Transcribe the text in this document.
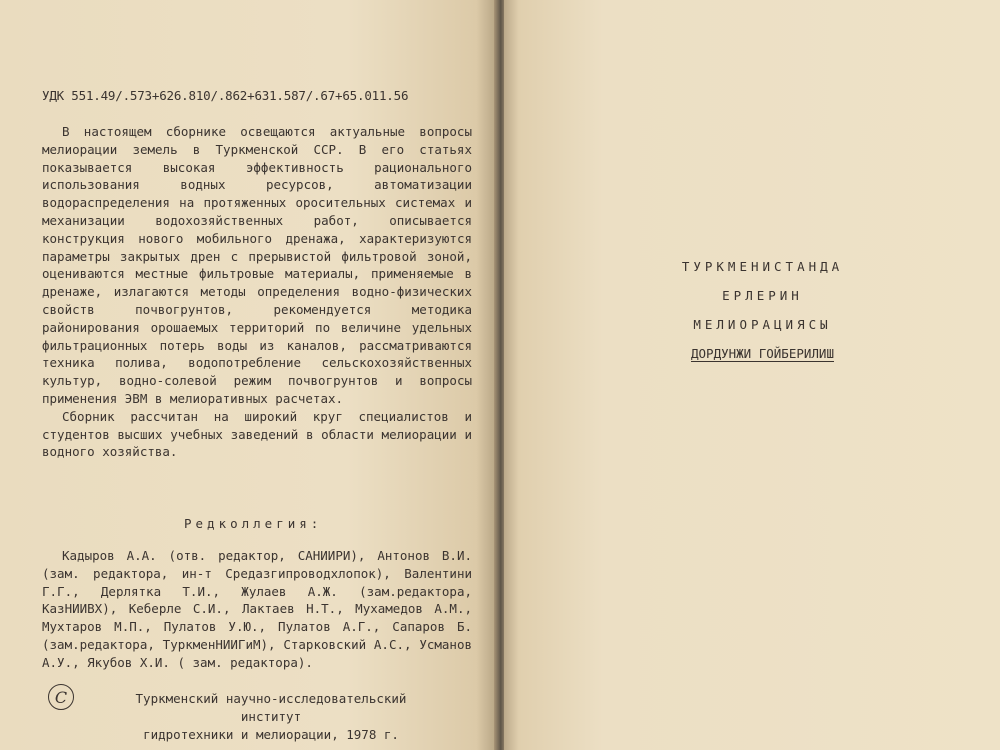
УДК 551.49/.573+626.810/.862+631.587/.67+65.011.56

В настоящем сборнике освещаются актуальные вопросы мелиорации земель в Туркменской ССР. В его статьях показывается высокая эффективность рационального использования водных ресурсов, автоматизации водораспределения на протяженных оросительных системах и механизации водохозяйственных работ, описывается конструкция нового мобильного дренажа, характеризуются параметры закрытых дрен с прерывистой фильтровой зоной, оцениваются местные фильтровые материалы, применяемые в дренаже, излагаются методы определения водно-физических свойств почвогрунтов, рекомендуется методика районирования орошаемых территорий по величине удельных фильтрационных потерь воды из каналов, рассматриваются техника полива, водопотребление сельскохозяйственных культур, водно-солевой режим почвогрунтов и вопросы применения ЭВМ в мелиоративных расчетах.

Сборник рассчитан на широкий круг специалистов и студентов высших учебных заведений в области мелиорации и водного хозяйства.

Редколлегия:

Кадыров А.А. (отв. редактор, САНИИРИ), Антонов В.И. (зам. редактора, ин-т Средазгипроводхлопок), Валентини Г.Г., Дерлятка Т.И., Жулаев А.Ж. (зам.редактора, КазНИИВХ), Кеберле С.И., Лактаев Н.Т., Мухамедов А.М., Мухтаров М.П., Пулатов У.Ю., Пулатов А.Г., Сапаров Б. (зам.редактора, ТуркменНИИГиМ), Старковский А.С., Усманов А.У., Якубов Х.И. ( зам. редактора).

С	Туркменский научно-исследовательский институт
гидротехники и мелиорации, 1978 г.
ТУРКМЕНИСТАНДА
ЕРЛЕРИН
МЕЛИОРАЦИЯСЫ
ДОРДУНЖИ ГОЙБЕРИЛИШ
